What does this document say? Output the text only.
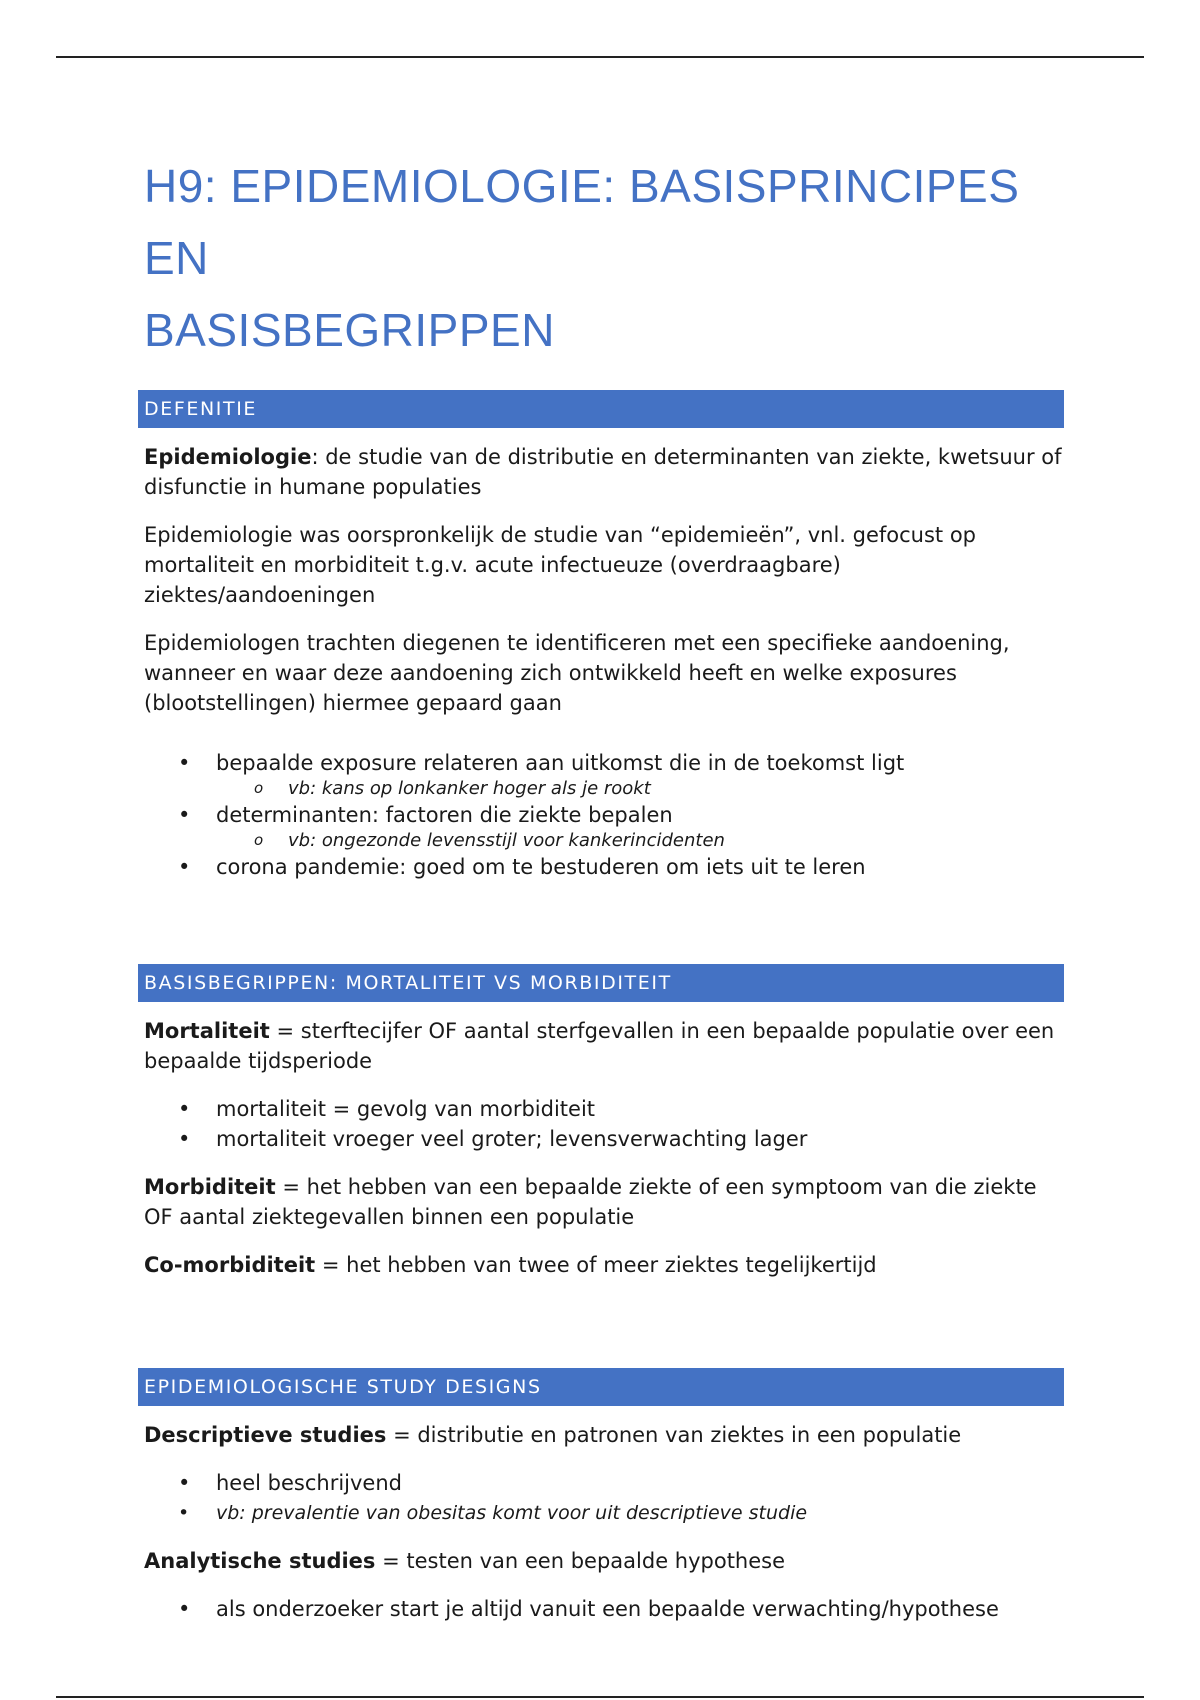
H9: EPIDEMIOLOGIE: BASISPRINCIPES EN
BASISBEGRIPPEN
DEFENITIE
Epidemiologie: de studie van de distributie en determinanten van ziekte, kwetsuur of disfunctie in humane populaties
Epidemiologie was oorspronkelijk de studie van “epidemieën”, vnl. gefocust op mortaliteit en morbiditeit t.g.v. acute infectueuze (overdraagbare) ziektes/aandoeningen
Epidemiologen trachten diegenen te identificeren met een specifieke aandoening, wanneer en waar deze aandoening zich ontwikkeld heeft en welke exposures (blootstellingen) hiermee gepaard gaan
• bepaalde exposure relateren aan uitkomst die in de toekomst ligt
o vb: kans op lonkanker hoger als je rookt
• determinanten: factoren die ziekte bepalen
o vb: ongezonde levensstijl voor kankerincidenten
• corona pandemie: goed om te bestuderen om iets uit te leren
BASISBEGRIPPEN: MORTALITEIT VS MORBIDITEIT
Mortaliteit = sterftecijfer OF aantal sterfgevallen in een bepaalde populatie over een bepaalde tijdsperiode
• mortaliteit = gevolg van morbiditeit
• mortaliteit vroeger veel groter; levensverwachting lager
Morbiditeit = het hebben van een bepaalde ziekte of een symptoom van die ziekte OF aantal ziektegevallen binnen een populatie
Co-morbiditeit = het hebben van twee of meer ziektes tegelijkertijd
EPIDEMIOLOGISCHE STUDY DESIGNS
Descriptieve studies = distributie en patronen van ziektes in een populatie
• heel beschrijvend
• vb: prevalentie van obesitas komt voor uit descriptieve studie
Analytische studies = testen van een bepaalde hypothese
• als onderzoeker start je altijd vanuit een bepaalde verwachting/hypothese
